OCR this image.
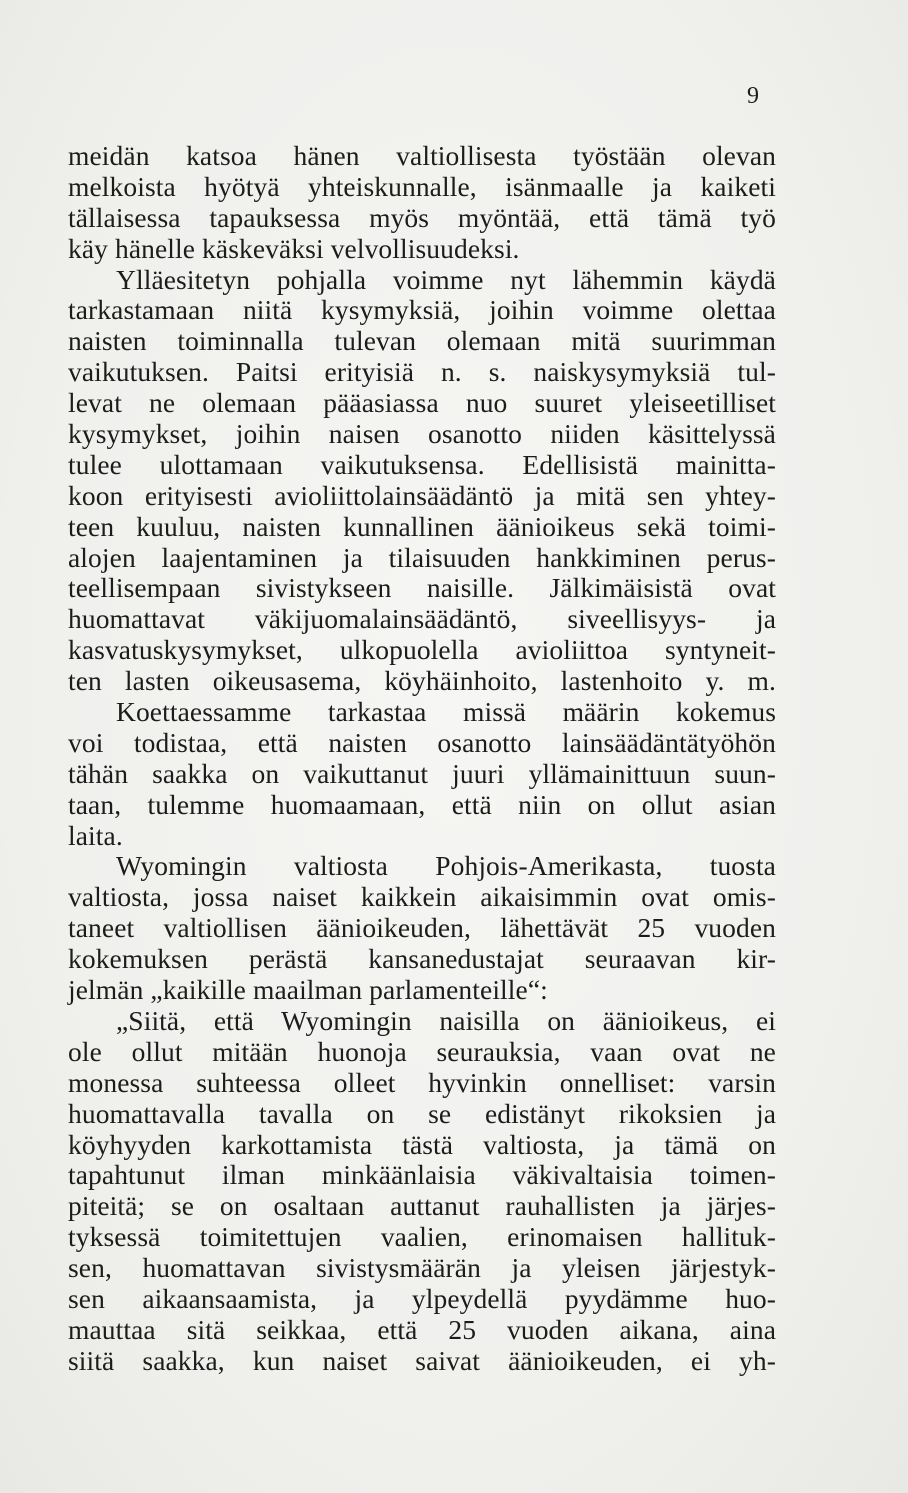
9
meidän katsoa hänen valtiollisesta työstään olevan
melkoista hyötyä yhteiskunnalle, isänmaalle ja kaiketi
tällaisessa tapauksessa myös myöntää, että tämä työ
käy hänelle käskeväksi velvollisuudeksi.
Ylläesitetyn pohjalla voimme nyt lähemmin käydä
tarkastamaan niitä kysymyksiä, joihin voimme olettaa
naisten toiminnalla tulevan olemaan mitä suurimman
vaikutuksen. Paitsi erityisiä n. s. naiskysymyksiä tul-
levat ne olemaan pääasiassa nuo suuret yleiseetilliset
kysymykset, joihin naisen osanotto niiden käsittelyssä
tulee ulottamaan vaikutuksensa. Edellisistä mainitta-
koon erityisesti avioliittolainsäädäntö ja mitä sen yhtey-
teen kuuluu, naisten kunnallinen äänioikeus sekä toimi-
alojen laajentaminen ja tilaisuuden hankkiminen perus-
teellisempaan sivistykseen naisille. Jälkimäisistä ovat
huomattavat väkijuomalainsäädäntö, siveellisyys- ja
kasvatuskysymykset, ulkopuolella avioliittoa syntyneit-
ten lasten oikeusasema, köyhäinhoito, lastenhoito y. m.
Koettaessamme tarkastaa missä määrin kokemus
voi todistaa, että naisten osanotto lainsäädäntätyöhön
tähän saakka on vaikuttanut juuri yllämainittuun suun-
taan, tulemme huomaamaan, että niin on ollut asian
laita.
Wyomingin valtiosta Pohjois-Amerikasta, tuosta
valtiosta, jossa naiset kaikkein aikaisimmin ovat omis-
taneet valtiollisen äänioikeuden, lähettävät 25 vuoden
kokemuksen perästä kansanedustajat seuraavan kir-
jelmän „kaikille maailman parlamenteille“:
„Siitä, että Wyomingin naisilla on äänioikeus, ei
ole ollut mitään huonoja seurauksia, vaan ovat ne
monessa suhteessa olleet hyvinkin onnelliset: varsin
huomattavalla tavalla on se edistänyt rikoksien ja
köyhyyden karkottamista tästä valtiosta, ja tämä on
tapahtunut ilman minkäänlaisia väkivaltaisia toimen-
piteitä; se on osaltaan auttanut rauhallisten ja järjes-
tyksessä toimitettujen vaalien, erinomaisen hallituk-
sen, huomattavan sivistysmäärän ja yleisen järjestyk-
sen aikaansaamista, ja ylpeydellä pyydämme huo-
mauttaa sitä seikkaa, että 25 vuoden aikana, aina
siitä saakka, kun naiset saivat äänioikeuden, ei yh-
